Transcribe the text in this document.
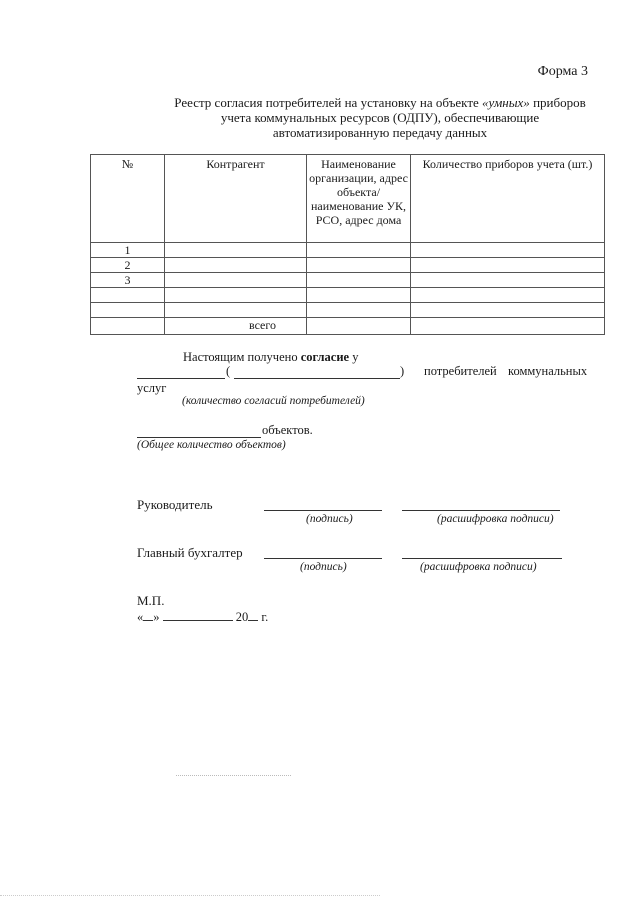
Форма 3
Реестр согласия потребителей на установку на объекте «умных» приборов
учета коммунальных ресурсов (ОДПУ), обеспечивающие
автоматизированную передачу данных
№	Контрагент	Наименование организации, адрес объекта/ наименование УК, РСО, адрес дома	Количество приборов учета (шт.)
1			
2			
3			

	всего		
Настоящим получено согласие у
(	) потребителей коммунальных
услуг
(количество согласий потребителей)
объектов.
(Общее количество объектов)
Руководитель
(подпись)	(расшифровка подписи)
Главный бухгалтер
(подпись)	(расшифровка подписи)
М.П.
« »	20 г.
